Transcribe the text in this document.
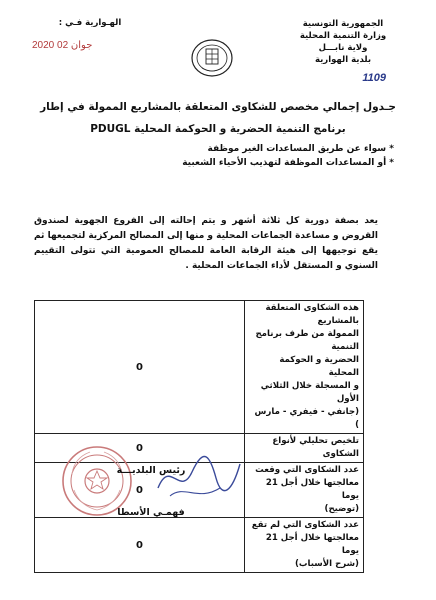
الجمهورية التونسية
وزارة التنمية المحلية
ولاية نابـــل
بلدية الهوارية
الهـوارية فـي :
2020 جوان 02
1109
جـدول إجمالي مخصص للشكاوى المتعلقة بالمشاريع الممولة في إطار
برنامج التنمية الحضرية و الحوكمة المحلية PDUGL
* سواء عن طريق المساعدات الغير موظفة
* أو المساعدات الموظفة لتهذيب الأحياء الشعبية
يعد بصفة دورية كل ثلاثة أشهر و يتم إحالته إلى الفروع الجهوية لصندوق القروض و مساعدة الجماعات المحلية و منها إلى المصالح المركزية لتجميعها ثم يقع توجيهها إلى هيئة الرقابة العامة للمصالح العمومية التي تتولى التقييم السنوي و المستقل لأداء الجماعات المحلية .
هذه الشكاوى المتعلقة بالمشاريع
الممولة من طرف برنامج التنمية
الحضرية و الحوكمة المحلية
و المسجلة خلال الثلاثي الأول
(جانفي - فيفري - مارس )	0

تلخيص تحليلي لأنواع الشكاوى	0

عدد الشكاوى التي وقعت
معالجتها خلال أجل 21 يوما
(توضيح)	0

عدد الشكاوى التي لم تقع
معالجتها خلال أجل 21 يوما
(شرح الأسباب)	0
رئيس البلديـــة
فهمـي الأسطا
